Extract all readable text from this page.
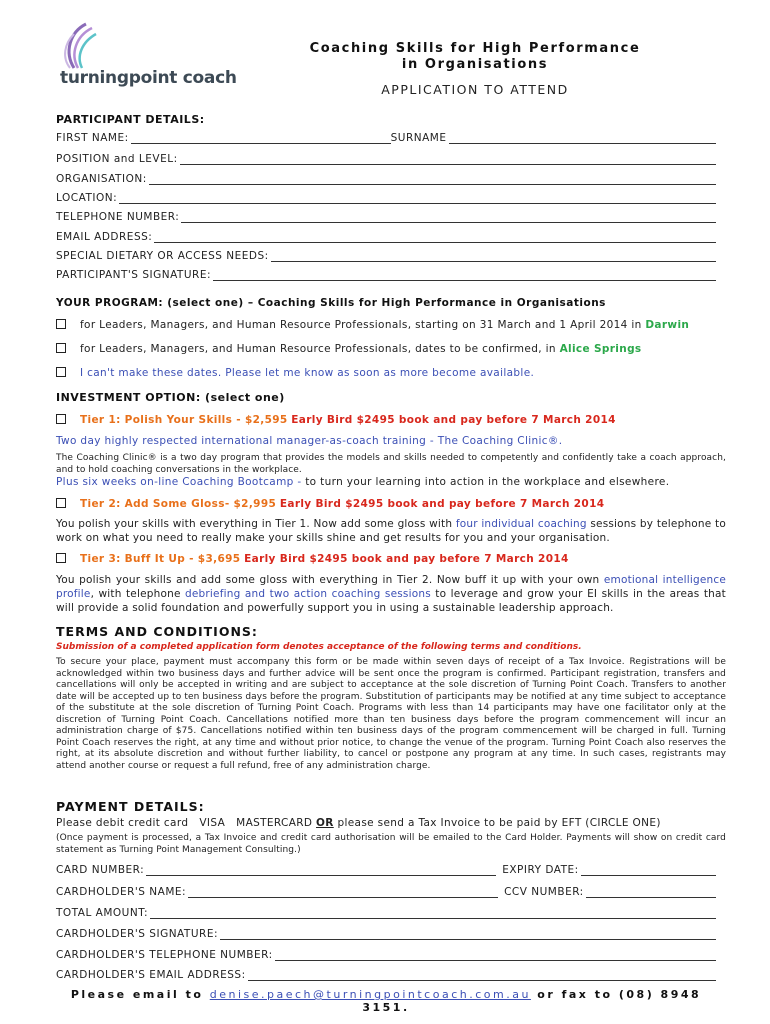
turningpoint coach
Coaching Skills for High Performance
in Organisations
APPLICATION TO ATTEND
PARTICIPANT DETAILS:
FIRST NAME:	SURNAME
POSITION and LEVEL:
ORGANISATION:
LOCATION:
TELEPHONE NUMBER:
EMAIL ADDRESS:
SPECIAL DIETARY OR ACCESS NEEDS:
PARTICIPANT'S SIGNATURE:
YOUR PROGRAM: (select one) – Coaching Skills for High Performance in Organisations
for Leaders, Managers, and Human Resource Professionals, starting on 31 March and 1 April 2014 in Darwin
for Leaders, Managers, and Human Resource Professionals, dates to be confirmed, in Alice Springs
I can't make these dates. Please let me know as soon as more become available.
INVESTMENT OPTION: (select one)
Tier 1: Polish Your Skills - $2,595 Early Bird $2495 book and pay before 7 March 2014
Two day highly respected international manager-as-coach training - The Coaching Clinic®.
The Coaching Clinic® is a two day program that provides the models and skills needed to competently and confidently take a coach approach, and to hold coaching conversations in the workplace.
Plus six weeks on-line Coaching Bootcamp - to turn your learning into action in the workplace and elsewhere.
Tier 2: Add Some Gloss- $2,995 Early Bird $2495 book and pay before 7 March 2014
You polish your skills with everything in Tier 1. Now add some gloss with four individual coaching sessions by telephone to work on what you need to really make your skills shine and get results for you and your organisation.
Tier 3: Buff It Up - $3,695 Early Bird $2495 book and pay before 7 March 2014
You polish your skills and add some gloss with everything in Tier 2. Now buff it up with your own emotional intelligence profile, with telephone debriefing and two action coaching sessions to leverage and grow your EI skills in the areas that will provide a solid foundation and powerfully support you in using a sustainable leadership approach.
TERMS AND CONDITIONS:
Submission of a completed application form denotes acceptance of the following terms and conditions.
To secure your place, payment must accompany this form or be made within seven days of receipt of a Tax Invoice. Registrations will be acknowledged within two business days and further advice will be sent once the program is confirmed. Participant registration, transfers and cancellations will only be accepted in writing and are subject to acceptance at the sole discretion of Turning Point Coach. Transfers to another date will be accepted up to ten business days before the program. Substitution of participants may be notified at any time subject to acceptance of the substitute at the sole discretion of Turning Point Coach. Programs with less than 14 participants may have one facilitator only at the discretion of Turning Point Coach. Cancellations notified more than ten business days before the program commencement will incur an administration charge of $75. Cancellations notified within ten business days of the program commencement will be charged in full. Turning Point Coach reserves the right, at any time and without prior notice, to change the venue of the program. Turning Point Coach also reserves the right, at its absolute discretion and without further liability, to cancel or postpone any program at any time. In such cases, registrants may attend another course or request a full refund, free of any administration charge.
PAYMENT DETAILS:
Please debit credit card   VISA   MASTERCARD OR please send a Tax Invoice to be paid by EFT (CIRCLE ONE)
(Once payment is processed, a Tax Invoice and credit card authorisation will be emailed to the Card Holder. Payments will show on credit card statement as Turning Point Management Consulting.)
CARD NUMBER:	EXPIRY DATE:
CARDHOLDER'S NAME:	CCV NUMBER:
TOTAL AMOUNT:
CARDHOLDER'S SIGNATURE:
CARDHOLDER'S TELEPHONE NUMBER:
CARDHOLDER'S EMAIL ADDRESS:
Please email to denise.paech@turningpointcoach.com.au or fax to (08) 8948 3151.
